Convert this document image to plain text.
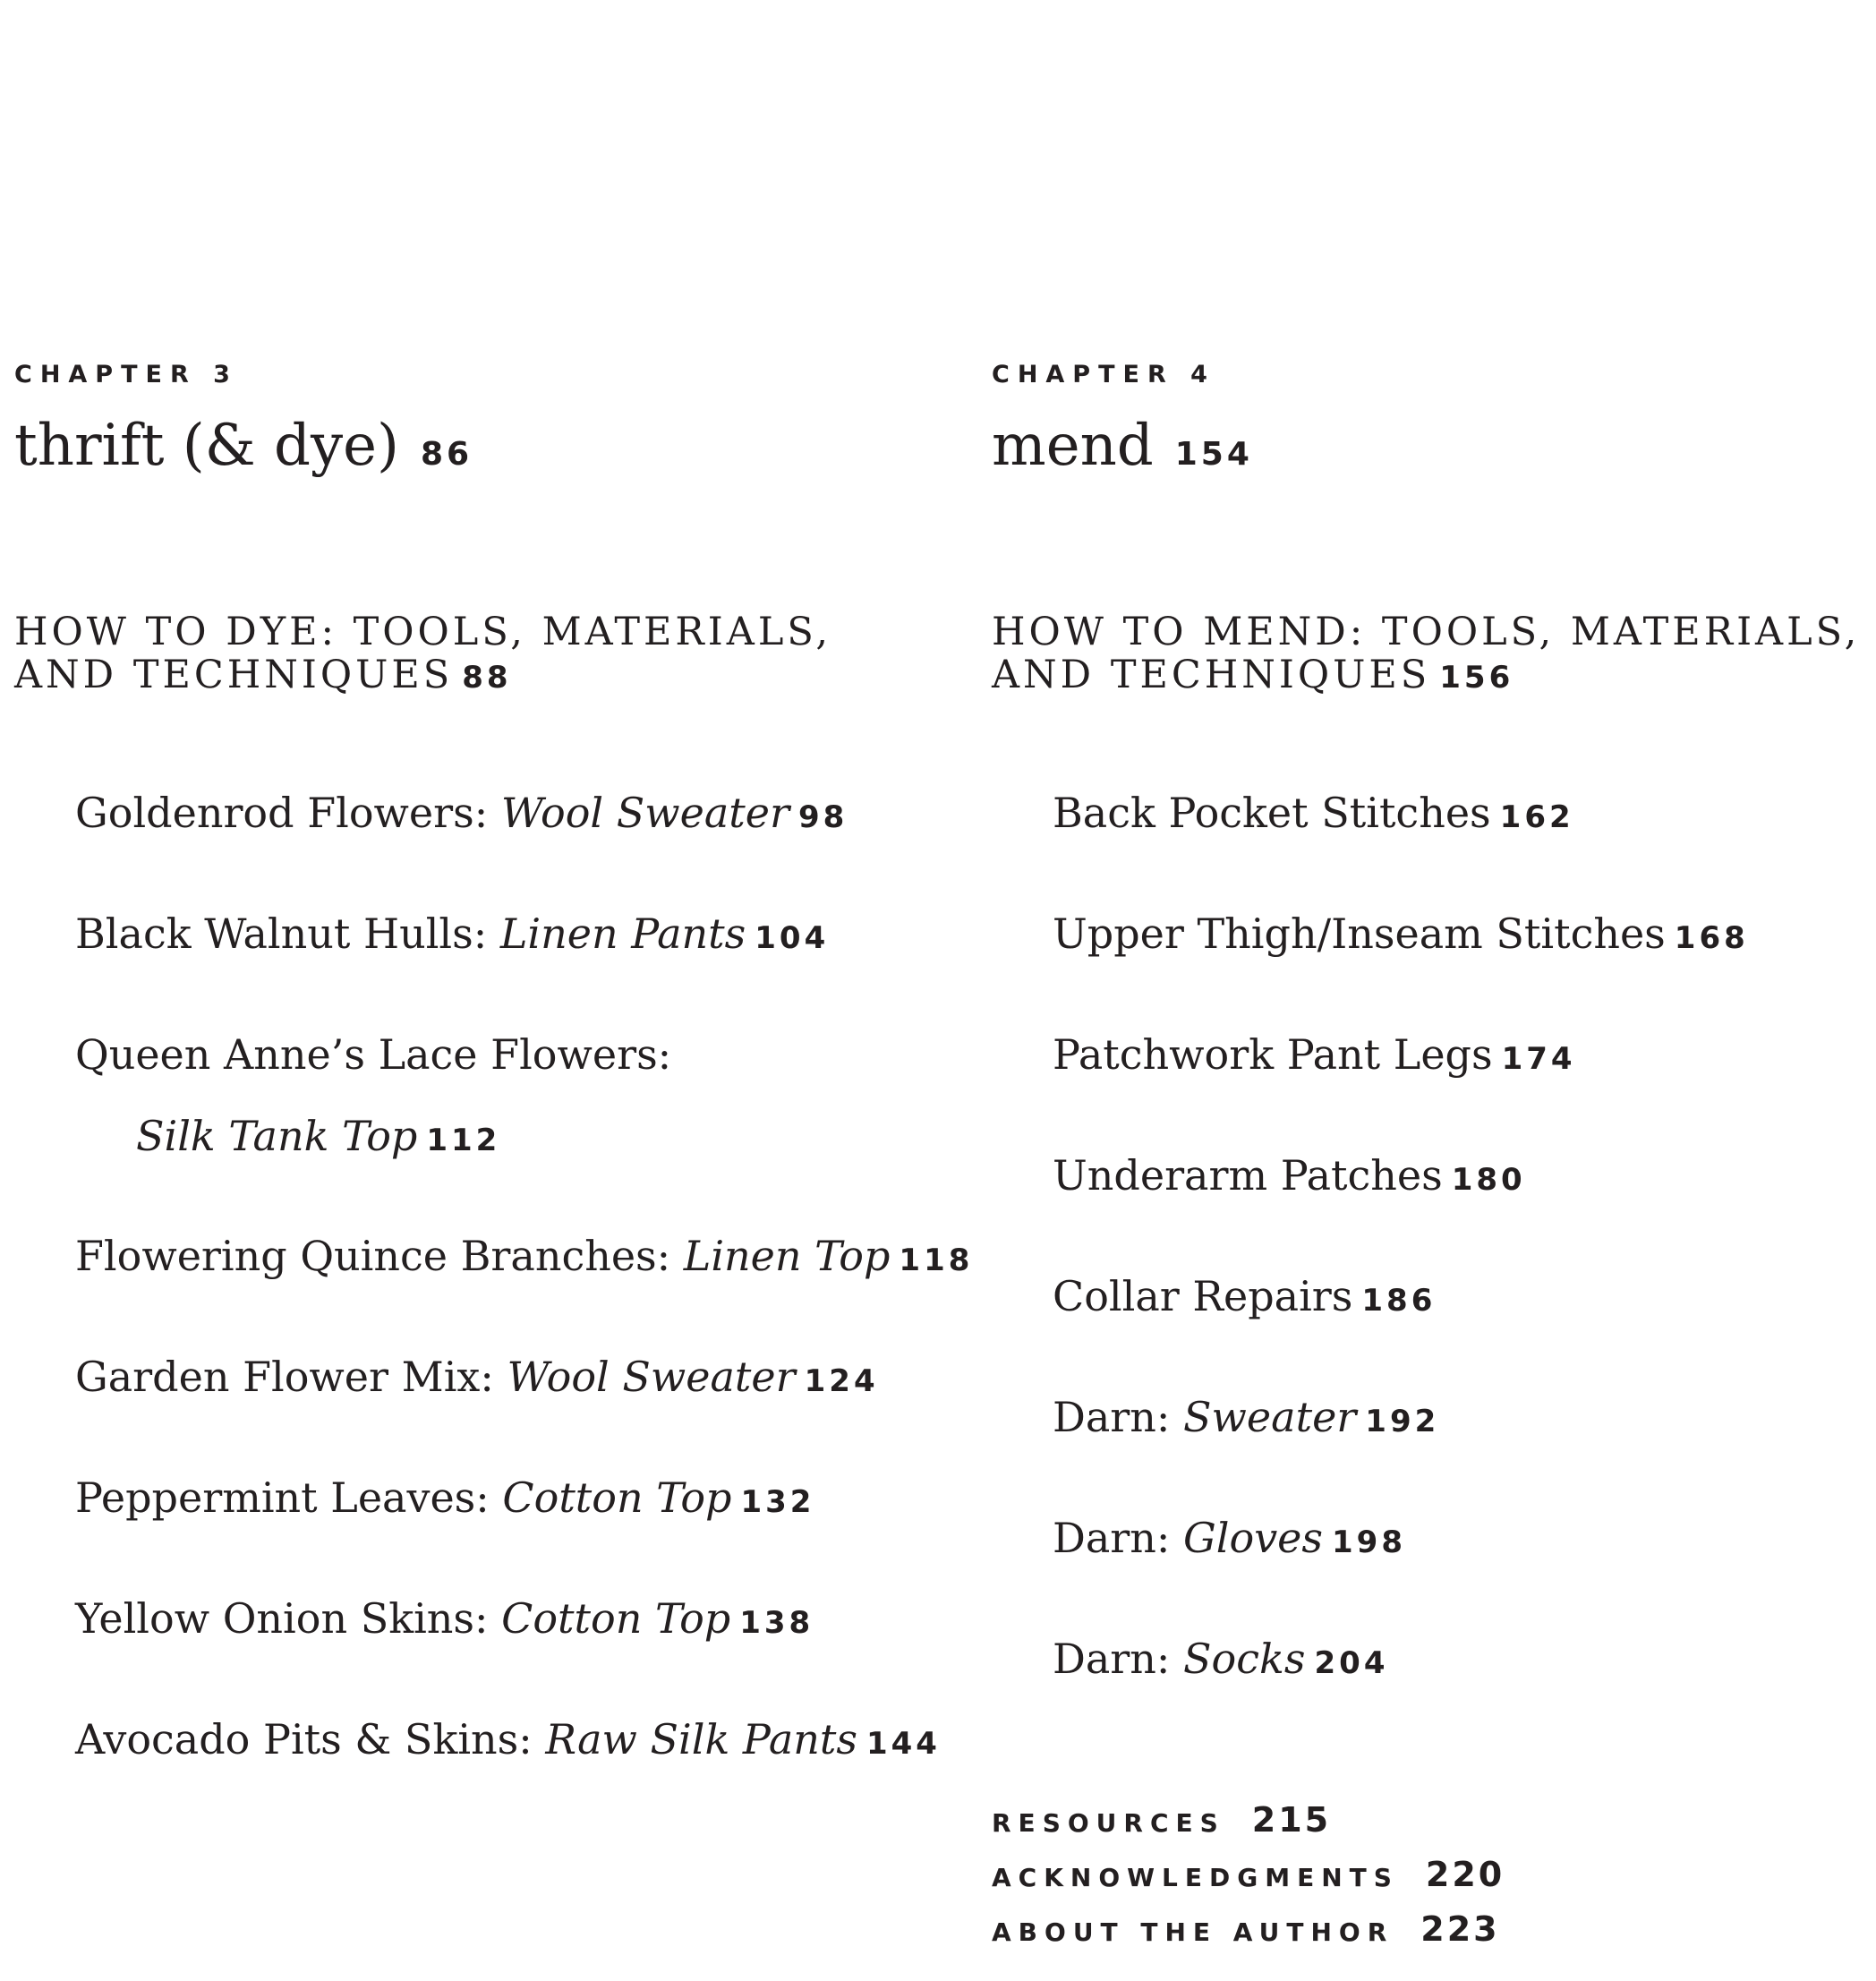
CHAPTER 3
thrift (& dye) 86
HOW TO DYE: TOOLS, MATERIALS,
AND TECHNIQUES 88
Goldenrod Flowers: Wool Sweater 98
Black Walnut Hulls: Linen Pants 104
Queen Anne’s Lace Flowers:
Silk Tank Top 112
Flowering Quince Branches: Linen Top 118
Garden Flower Mix: Wool Sweater 124
Peppermint Leaves: Cotton Top 132
Yellow Onion Skins: Cotton Top 138
Avocado Pits & Skins: Raw Silk Pants 144
CHAPTER 4
mend 154
HOW TO MEND: TOOLS, MATERIALS,
AND TECHNIQUES 156
Back Pocket Stitches 162
Upper Thigh/Inseam Stitches 168
Patchwork Pant Legs 174
Underarm Patches 180
Collar Repairs 186
Darn: Sweater 192
Darn: Gloves 198
Darn: Socks 204
RESOURCES 215
ACKNOWLEDGMENTS 220
ABOUT THE AUTHOR 223
